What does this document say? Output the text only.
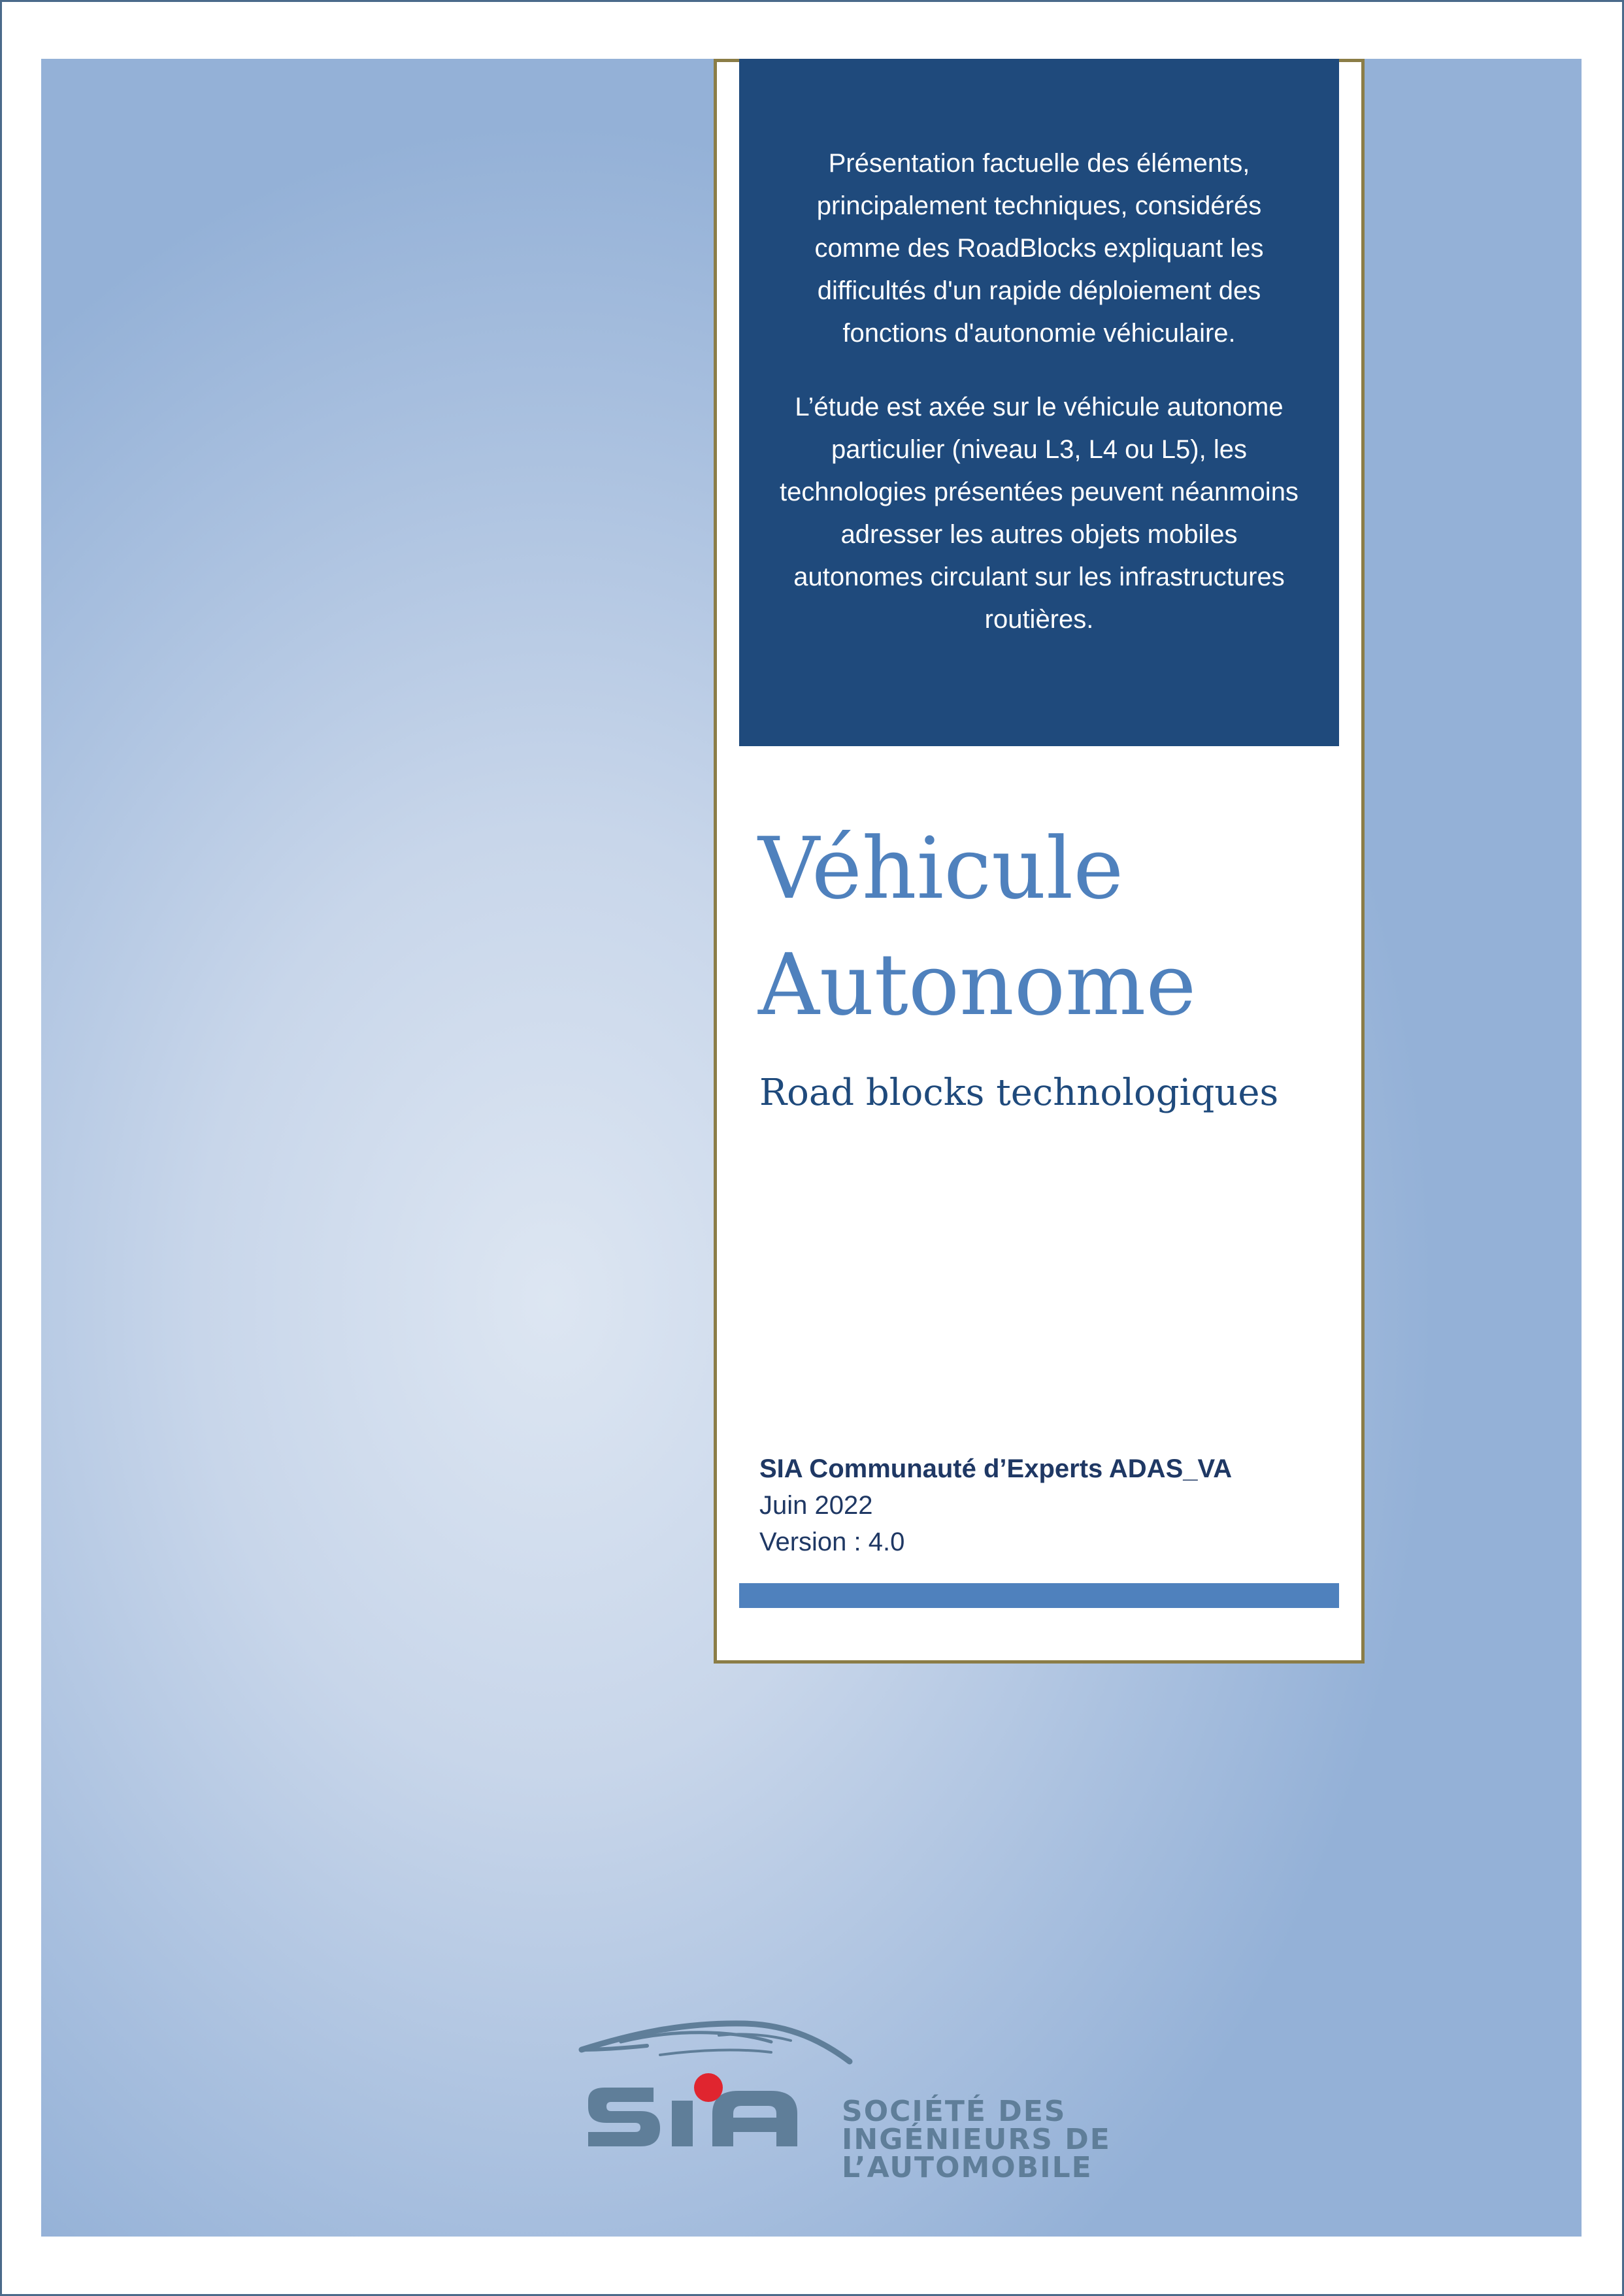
Présentation factuelle des éléments, principalement techniques, considérés comme des RoadBlocks expliquant les difficultés d'un rapide déploiement des fonctions d'autonomie véhiculaire.

L’étude est axée sur le véhicule autonome particulier (niveau L3, L4 ou L5), les technologies présentées peuvent néanmoins adresser les autres objets mobiles autonomes circulant sur les infrastructures routières.

Véhicule
Autonome
Road blocks technologiques
SIA Communauté d’Experts ADAS_VA
Juin 2022
Version : 4.0
SOCIÉTÉ DES
INGÉNIEURS DE
L’AUTOMOBILE
